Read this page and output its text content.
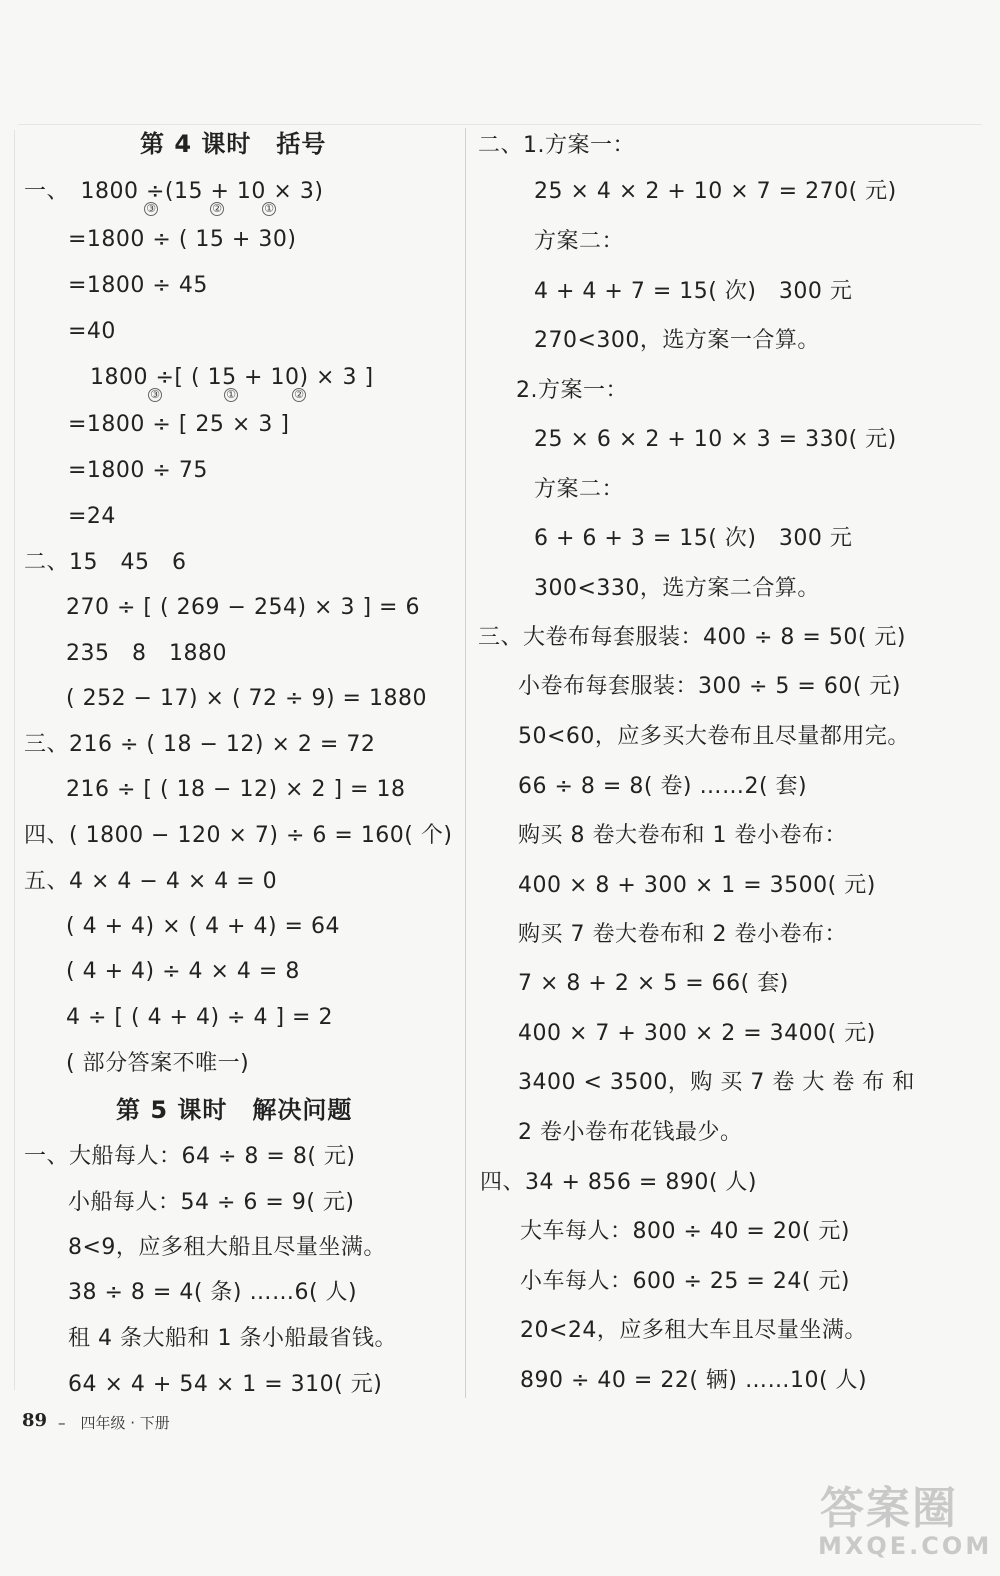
第 4 课时　括号
一、　1800 ÷(15 + 10 × 3)
③	②	①
=1800 ÷ ( 15 + 30)
=1800 ÷ 45
=40
1800 ÷[ ( 15 + 10) × 3 ]
③	①	②
=1800 ÷ [ 25 × 3 ]
=1800 ÷ 75
=24
二、15　45　6
270 ÷ [ ( 269 − 254) × 3 ] = 6
235　8　1880
( 252 − 17) × ( 72 ÷ 9) = 1880
三、216 ÷ ( 18 − 12) × 2 = 72
216 ÷ [ ( 18 − 12) × 2 ] = 18
四、( 1800 − 120 × 7) ÷ 6 = 160( 个)
五、4 × 4 − 4 × 4 = 0
( 4 + 4) × ( 4 + 4) = 64
( 4 + 4) ÷ 4 × 4 = 8
4 ÷ [ ( 4 + 4) ÷ 4 ] = 2
( 部分答案不唯一)
第 5 课时　解决问题
一、大船每人：64 ÷ 8 = 8( 元)
小船每人：54 ÷ 6 = 9( 元)
8<9，应多租大船且尽量坐满。
38 ÷ 8 = 4( 条) ……6( 人)
租 4 条大船和 1 条小船最省钱。
64 × 4 + 54 × 1 = 310( 元)
二、1.方案一：
25 × 4 × 2 + 10 × 7 = 270( 元)
方案二：
4 + 4 + 7 = 15( 次)　300 元
270<300，选方案一合算。
2.方案一：
25 × 6 × 2 + 10 × 3 = 330( 元)
方案二：
6 + 6 + 3 = 15( 次)　300 元
300<330，选方案二合算。
三、大卷布每套服装：400 ÷ 8 = 50( 元)
小卷布每套服装：300 ÷ 5 = 60( 元)
50<60，应多买大卷布且尽量都用完。
66 ÷ 8 = 8( 卷) ……2( 套)
购买 8 卷大卷布和 1 卷小卷布：
400 × 8 + 300 × 1 = 3500( 元)
购买 7 卷大卷布和 2 卷小卷布：
7 × 8 + 2 × 5 = 66( 套)
400 × 7 + 300 × 2 = 3400( 元)
3400 < 3500，购 买 7 卷 大 卷 布 和
2 卷小卷布花钱最少。
四、34 + 856 = 890( 人)
大车每人：800 ÷ 40 = 20( 元)
小车每人：600 ÷ 25 = 24( 元)
20<24，应多租大车且尽量坐满。
890 ÷ 40 = 22( 辆) ……10( 人)
89 –　四年级 · 下册
答案圈
MXQE.COM
